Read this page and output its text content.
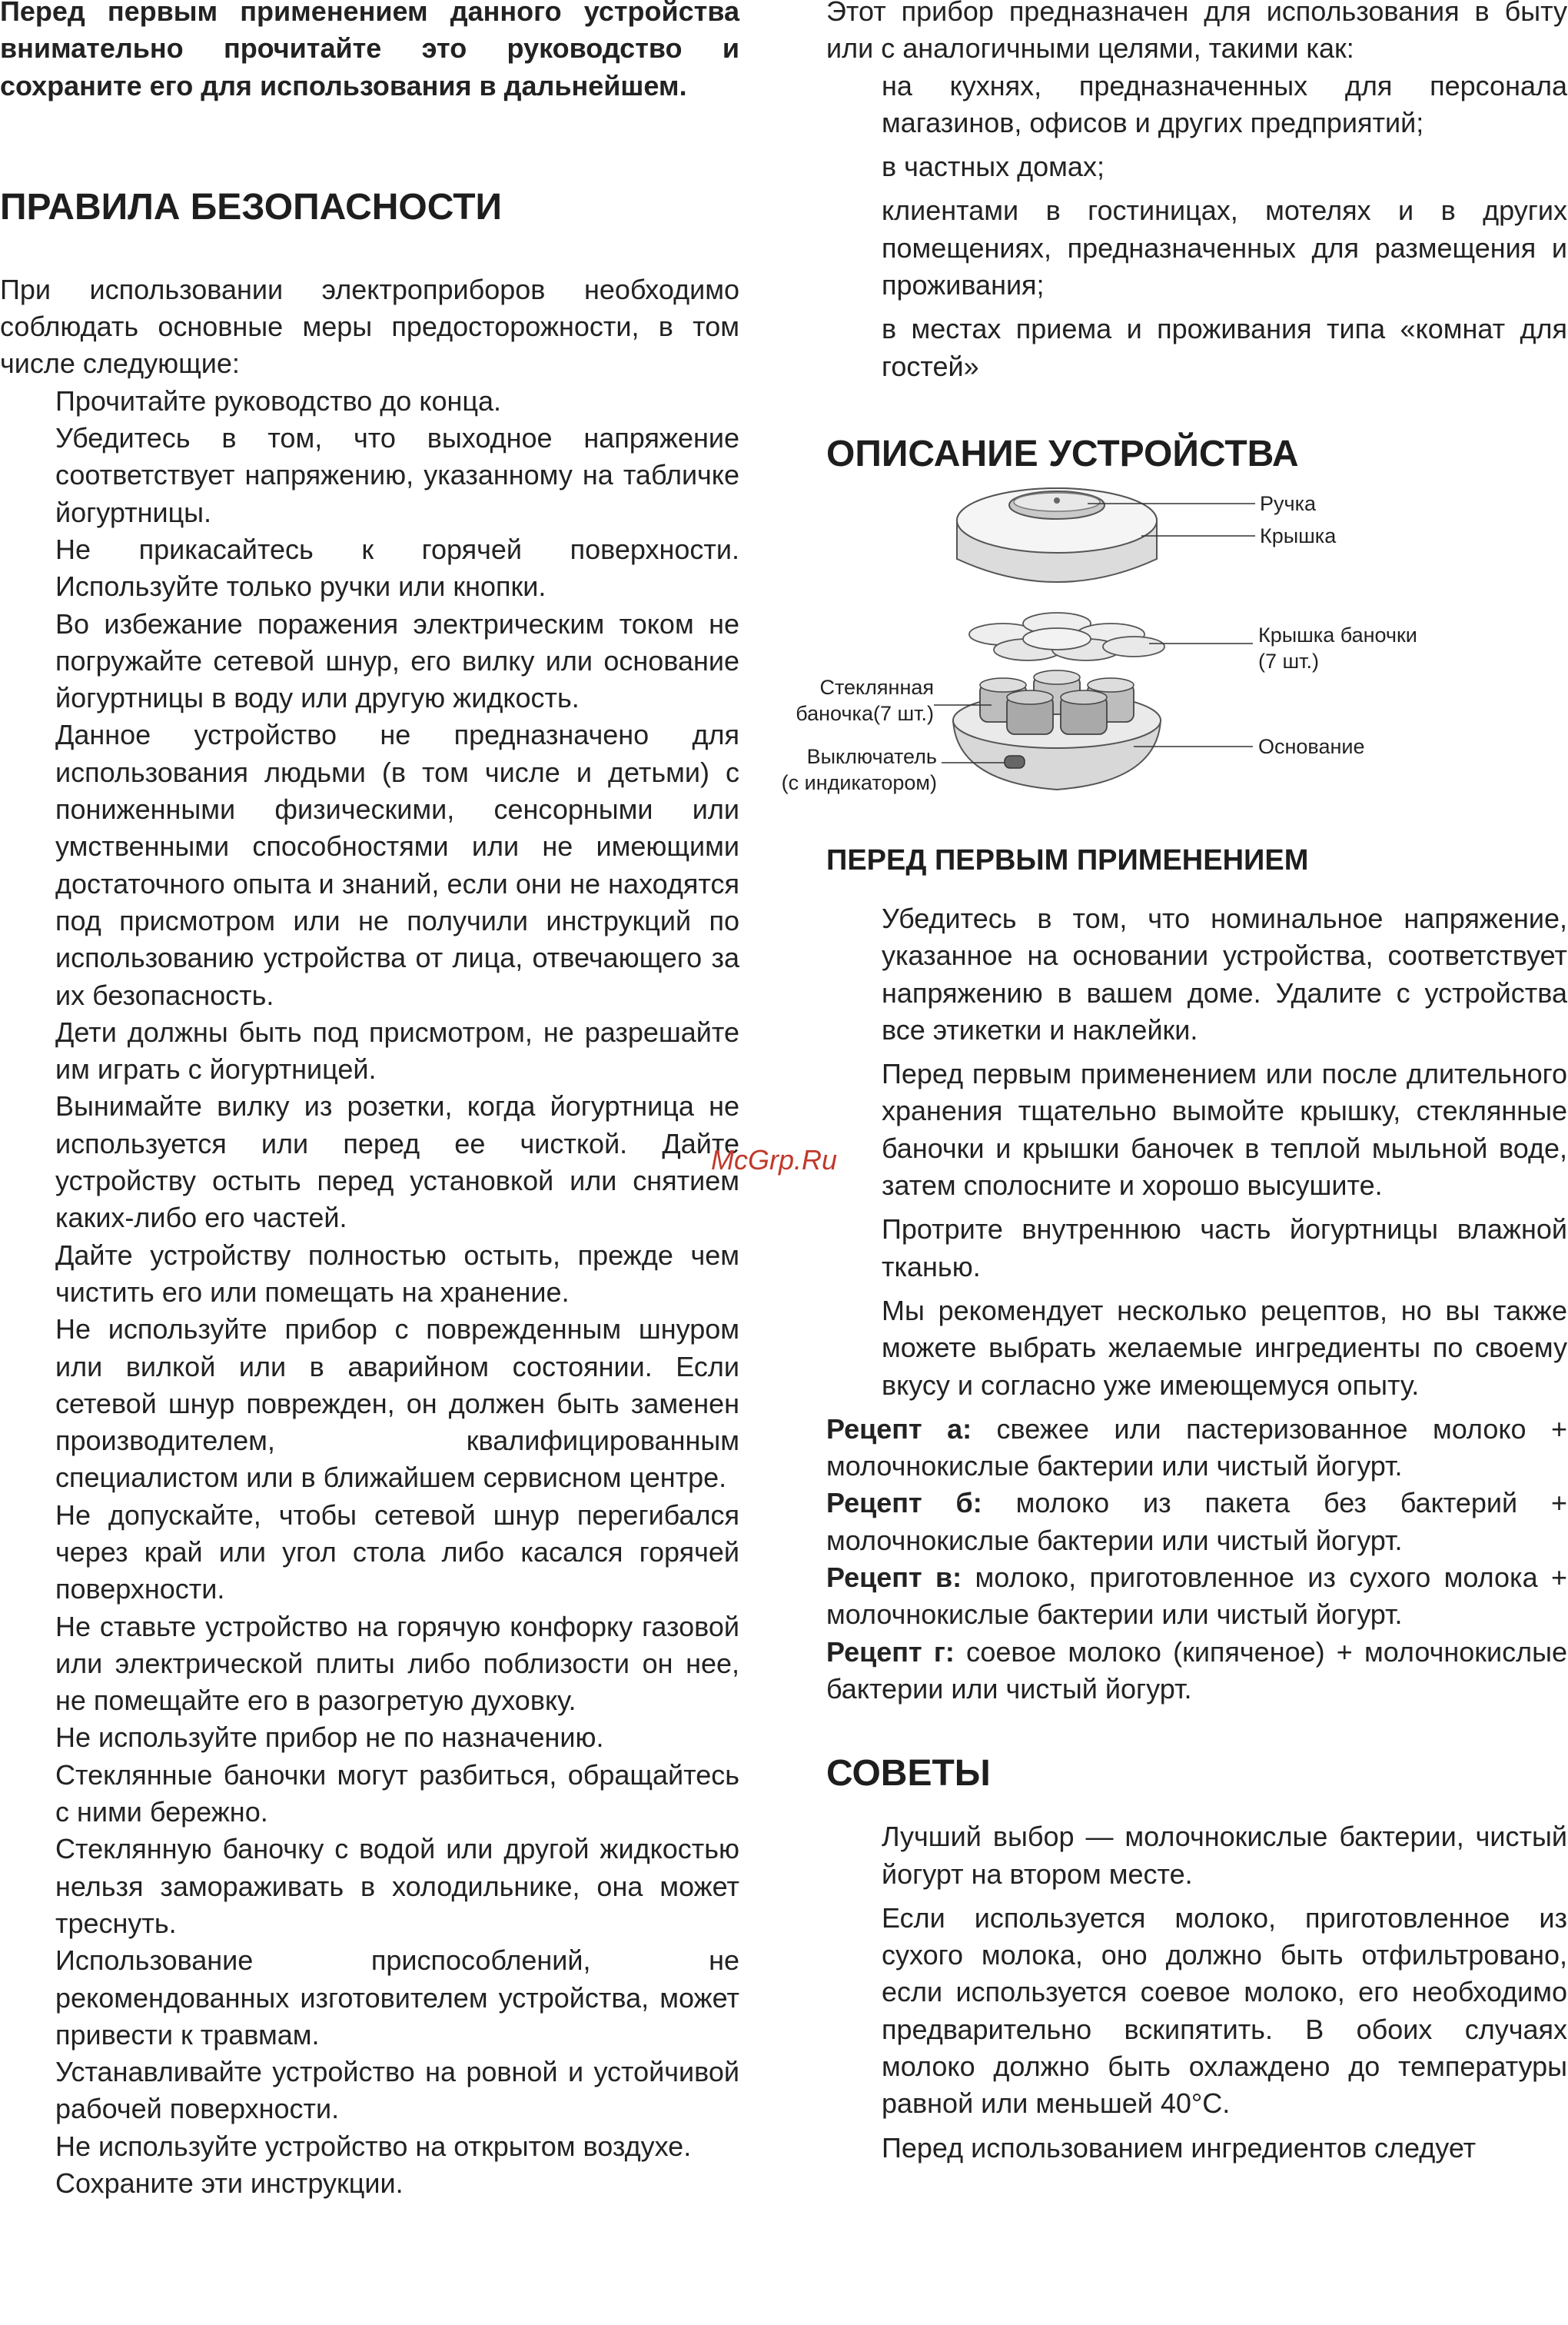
Перед первым применением данного устройства внимательно прочитайте это руководство и сохраните его для использования в дальнейшем.

ПРАВИЛА БЕЗОПАСНОСТИ

При использовании электроприборов необходимо соблюдать основные меры предосторожности, в том числе следующие:

Прочитайте руководство до конца.

Убедитесь в том, что выходное напряжение соответствует напряжению, указанному на табличке йогуртницы.

Не прикасайтесь к горячей поверхности. Используйте только ручки или кнопки.

Во избежание поражения электрическим током не погружайте сетевой шнур, его вилку или основание йогуртницы в воду или другую жидкость.

Данное устройство не предназначено для использования людьми (в том числе и детьми) с пониженными физическими, сенсорными или умственными способностями или не имеющими достаточного опыта и знаний, если они не находятся под присмотром или не получили инструкций по использованию устройства от лица, отвечающего за их безопасность.

Дети должны быть под присмотром, не разрешайте им играть с йогуртницей.

Вынимайте вилку из розетки, когда йогуртница не используется или перед ее чисткой. Дайте устройству остыть перед установкой или снятием каких-либо его частей.

Дайте устройству полностью остыть, прежде чем чистить его или помещать на хранение.

Не используйте прибор с поврежденным шнуром или вилкой или в аварийном состоянии. Если сетевой шнур поврежден, он должен быть заменен производителем, квалифицированным специалистом или в ближайшем сервисном центре.

Не допускайте, чтобы сетевой шнур перегибался через край или угол стола либо касался горячей поверхности.

Не ставьте устройство на горячую конфорку газовой или электрической плиты либо поблизости он нее, не помещайте его в разогретую духовку.

Не используйте прибор не по назначению.

Стеклянные баночки могут разбиться, обращайтесь с ними бережно.

Стеклянную баночку с водой или другой жидкостью нельзя замораживать в холодильнике, она может треснуть.

Использование приспособлений, не рекомендованных изготовителем устройства, может привести к травмам.

Устанавливайте устройство на ровной и устойчивой рабочей поверхности.

Не используйте устройство на открытом воздухе.

Сохраните эти инструкции.

Этот прибор предназначен для использования в быту или с аналогичными целями, такими как:

на кухнях, предназначенных для персонала магазинов, офисов и других предприятий;

в частных домах;

клиентами в гостиницах, мотелях и в других помещениях, предназначенных для размещения и проживания;

в местах приема и проживания типа «комнат для гостей»

ОПИСАНИЕ УСТРОЙСТВА
Ручка
Крышка
Крышка баночки
(7 шт.)
Стеклянная
баночка(7 шт.)
Выключатель
(с индикатором)
Основание
ПЕРЕД ПЕРВЫМ ПРИМЕНЕНИЕМ

Убедитесь в том, что номинальное напряжение, указанное на основании устройства, соответствует напряжению в вашем доме. Удалите с устройства все этикетки и наклейки.

Перед первым применением или после длительного хранения тщательно вымойте крышку, стеклянные баночки и крышки баночек в теплой мыльной воде, затем сполосните и хорошо высушите.

Протрите внутреннюю часть йогуртницы влажной тканью.

Мы рекомендует несколько рецептов, но вы также можете выбрать желаемые ингредиенты по своему вкусу и согласно уже имеющемуся опыту.

Рецепт а: свежее или пастеризованное молоко + молочнокислые бактерии или чистый йогурт.

Рецепт б: молоко из пакета без бактерий + молочнокислые бактерии или чистый йогурт.

Рецепт в: молоко, приготовленное из сухого молока + молочнокислые бактерии или чистый йогурт.

Рецепт г: соевое молоко (кипяченое) + молочнокислые бактерии или чистый йогурт.

СОВЕТЫ

Лучший выбор — молочнокислые бактерии, чистый йогурт на втором месте.

Если используется молоко, приготовленное из сухого молока, оно должно быть отфильтровано, если используется соевое молоко, его необходимо предварительно вскипятить. В обоих случаях молоко должно быть охлаждено до температуры равной или меньшей 40°C.

Перед использованием ингредиентов следует

McGrp.Ru
